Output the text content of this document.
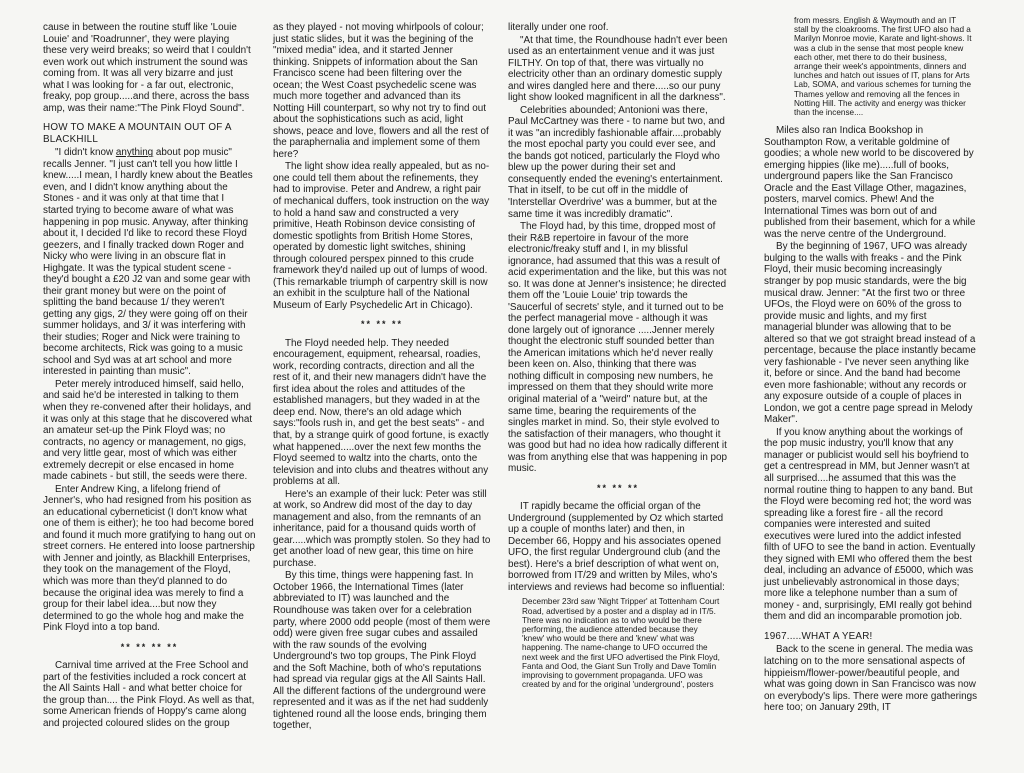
cause in between the routine stuff like 'Louie Louie' and 'Roadrunner', they were playing these very weird breaks; so weird that I couldn't even work out which instrument the sound was coming from. It was all very bizarre and just what I was looking for - a far out, electronic, freaky, pop group.....and there, across the bass amp, was their name:"The Pink Floyd Sound".

HOW TO MAKE A MOUNTAIN OUT OF A BLACKHILL

"I didn't know anything about pop music" recalls Jenner. "I just can't tell you how little I knew.....I mean, I hardly knew about the Beatles even, and I didn't know anything about the Stones - and it was only at that time that I started trying to become aware of what was happening in pop music. Anyway, after thinking about it, I decided I'd like to record these Floyd geezers, and I finally tracked down Roger and Nicky who were living in an obscure flat in Highgate. It was the typical student scene - they'd bought a £20 J2 van and some gear with their grant money but were on the point of splitting the band because 1/ they weren't getting any gigs, 2/ they were going off on their summer holidays, and 3/ it was interfering with their studies; Roger and Nick were training to become architects, Rick was going to a music school and Syd was at art school and more interested in painting than music".

Peter merely introduced himself, said hello, and said he'd be interested in talking to them when they re-convened after their holidays, and it was only at this stage that he discovered what an amateur set-up the Pink Floyd was; no contracts, no agency or management, no gigs, and very little gear, most of which was either extremely decrepit or else encased in home made cabinets - but still, the seeds were there.

Enter Andrew King, a lifelong friend of Jenner's, who had resigned from his position as an educational cyberneticist (I don't know what one of them is either); he too had become bored and found it much more gratifying to hang out on street corners. He entered into loose partnership with Jenner and jointly, as Blackhill Enterprises, they took on the management of the Floyd, which was more than they'd planned to do because the original idea was merely to find a group for their label idea....but now they determined to go the whole hog and make the Pink Floyd into a top band.

** ** ** **

Carnival time arrived at the Free School and part of the festivities included a rock concert at the All Saints Hall - and what better choice for the group than.... the Pink Floyd. As well as that, some American friends of Hoppy's came along and projected coloured slides on the group

as they played - not moving whirlpools of colour; just static slides, but it was the begining of the "mixed media" idea, and it started Jenner thinking. Snippets of information about the San Francisco scene had been filtering over the ocean; the West Coast psychedelic scene was much more together and advanced than its Notting Hill counterpart, so why not try to find out about the sophistications such as acid, light shows, peace and love, flowers and all the rest of the paraphernalia and implement some of them here?

The light show idea really appealed, but as no-one could tell them about the refinements, they had to improvise. Peter and Andrew, a right pair of mechanical duffers, took instruction on the way to hold a hand saw and constructed a very primitive, Heath Robinson device consisting of domestic spotlights from British Home Stores, operated by domestic light switches, shining through coloured perspex pinned to this crude framework they'd nailed up out of lumps of wood. (This remarkable triumph of carpentry skill is now an exhibit in the sculpture hall of the National Museum of Early Psychedelic Art in Chicago).

** ** **

The Floyd needed help. They needed encouragement, equipment, rehearsal, roadies, work, recording contracts, direction and all the rest of it, and their new managers didn't have the first idea about the roles and attitudes of the established managers, but they waded in at the deep end. Now, there's an old adage which says:"fools rush in, and get the best seats" - and that, by a strange quirk of good fortune, is exactly what happened.....over the next few months the Floyd seemed to waltz into the charts, onto the television and into clubs and theatres without any problems at all.

Here's an example of their luck: Peter was still at work, so Andrew did most of the day to day management and also, from the remnants of an inheritance, paid for a thousand quids worth of gear.....which was promptly stolen. So they had to get another load of new gear, this time on hire purchase.

By this time, things were happening fast. In October 1966, the International Times (later abbreviated to IT) was launched and the Roundhouse was taken over for a celebration party, where 2000 odd people (most of them were odd) were given free sugar cubes and assailed with the raw sounds of the evolving Underground's two top groups, The Pink Floyd and the Soft Machine, both of who's reputations had spread via regular gigs at the All Saints Hall. All the different factions of the underground were represented and it was as if the net had suddenly tightened round all the loose ends, bringing them together,

literally under one roof.

"At that time, the Roundhouse hadn't ever been used as an entertainment venue and it was just FILTHY. On top of that, there was virtually no electricity other than an ordinary domestic supply and wires dangled here and there.....so our puny light show looked magnificent in all the darkness".

Celebrities abounded; Antonioni was there, Paul McCartney was there - to name but two, and it was "an incredibly fashionable affair....probably the most epochal party you could ever see, and the bands got noticed, particularly the Floyd who blew up the power during their set and consequently ended the evening's entertainment. That in itself, to be cut off in the middle of 'Interstellar Overdrive' was a bummer, but at the same time it was incredibly dramatic".

The Floyd had, by this time, dropped most of their R&B repertoire in favour of the more electronic/freaky stuff and I, in my blissful ignorance, had assumed that this was a result of acid experimentation and the like, but this was not so. It was done at Jenner's insistence; he directed them off the 'Louie Louie' trip towards the 'Saucerful of secrets' style, and it turned out to be the perfect managerial move - although it was done largely out of ignorance .....Jenner merely thought the electronic stuff sounded better than the American imitations which he'd never really been keen on. Also, thinking that there was nothing difficult in composing new numbers, he impressed on them that they should write more original material of a "weird" nature but, at the same time, bearing the requirements of the singles market in mind. So, their style evolved to the satisfaction of their managers, who thought it was good but had no idea how radically different it was from anything else that was happening in pop music.

** ** **

IT rapidly became the official organ of the Underground (supplemented by Oz which started up a couple of months later) and then, in December 66, Hoppy and his associates opened UFO, the first regular Underground club (and the best). Here's a brief description of what went on, borrowed from IT/29 and written by Miles, who's interviews and reviews had become so influential:

December 23rd saw 'Night Tripper' at Tottenham Court Road, advertised by a poster and a display ad in IT/5. There was no indication as to who would be there performing, the audience attended because they 'knew' who would be there and 'knew' what was happening. The name-change to UFO occurred the next week and the first UFO advertised the Pink Floyd, Fanta and Ood, the Giant Sun Trolly and Dave Tomlin improvising to government propaganda. UFO was created by and for the original 'underground', posters

from messrs. English & Waymouth and an IT stall by the cloakrooms. The first UFO also had a Marilyn Monroe movie, Karate and light-shows. It was a club in the sense that most people knew each other, met there to do their business, arrange their week's appointments, dinners and lunches and hatch out issues of IT, plans for Arts Lab, SOMA, and various schemes for turning the Thames yellow and removing all the fences in Notting Hill. The activity and energy was thicker than the incense....

Miles also ran Indica Bookshop in Southampton Row, a veritable goldmine of goodies; a whole new world to be discovered by emerging hippies (like me).....full of books, underground papers like the San Francisco Oracle and the East Village Other, magazines, posters, marvel comics. Phew! And the International Times was born out of and published from their basement, which for a while was the nerve centre of the Underground.

By the beginning of 1967, UFO was already bulging to the walls with freaks - and the Pink Floyd, their music becoming increasingly stranger by pop music standards, were the big musical draw. Jenner: "At the first two or three UFOs, the Floyd were on 60% of the gross to provide music and lights, and my first managerial blunder was allowing that to be altered so that we got straight bread instead of a percentage, because the place instantly became very fashionable - I've never seen anything like it, before or since. And the band had become even more fashionable; without any records or any exposure outside of a couple of places in London, we got a centre page spread in Melody Maker".

If you know anything about the workings of the pop music industry, you'll know that any manager or publicist would sell his boyfriend to get a centrespread in MM, but Jenner wasn't at all surprised....he assumed that this was the normal routine thing to happen to any band. But the Floyd were becoming red hot; the word was spreading like a forest fire - all the record companies were interested and suited executives were lured into the addict infested filth of UFO to see the band in action. Eventually they signed with EMI who offered them the best deal, including an advance of £5000, which was just unbelievably astronomical in those days; more like a telephone number than a sum of money - and, surprisingly, EMI really got behind them and did an incomparable promotion job.

1967.....WHAT A YEAR!

Back to the scene in general. The media was latching on to the more sensational aspects of hippieism/flower-power/beautiful people, and what was going down in San Francisco was now on everybody's lips. There were more gatherings here too; on January 29th, IT
